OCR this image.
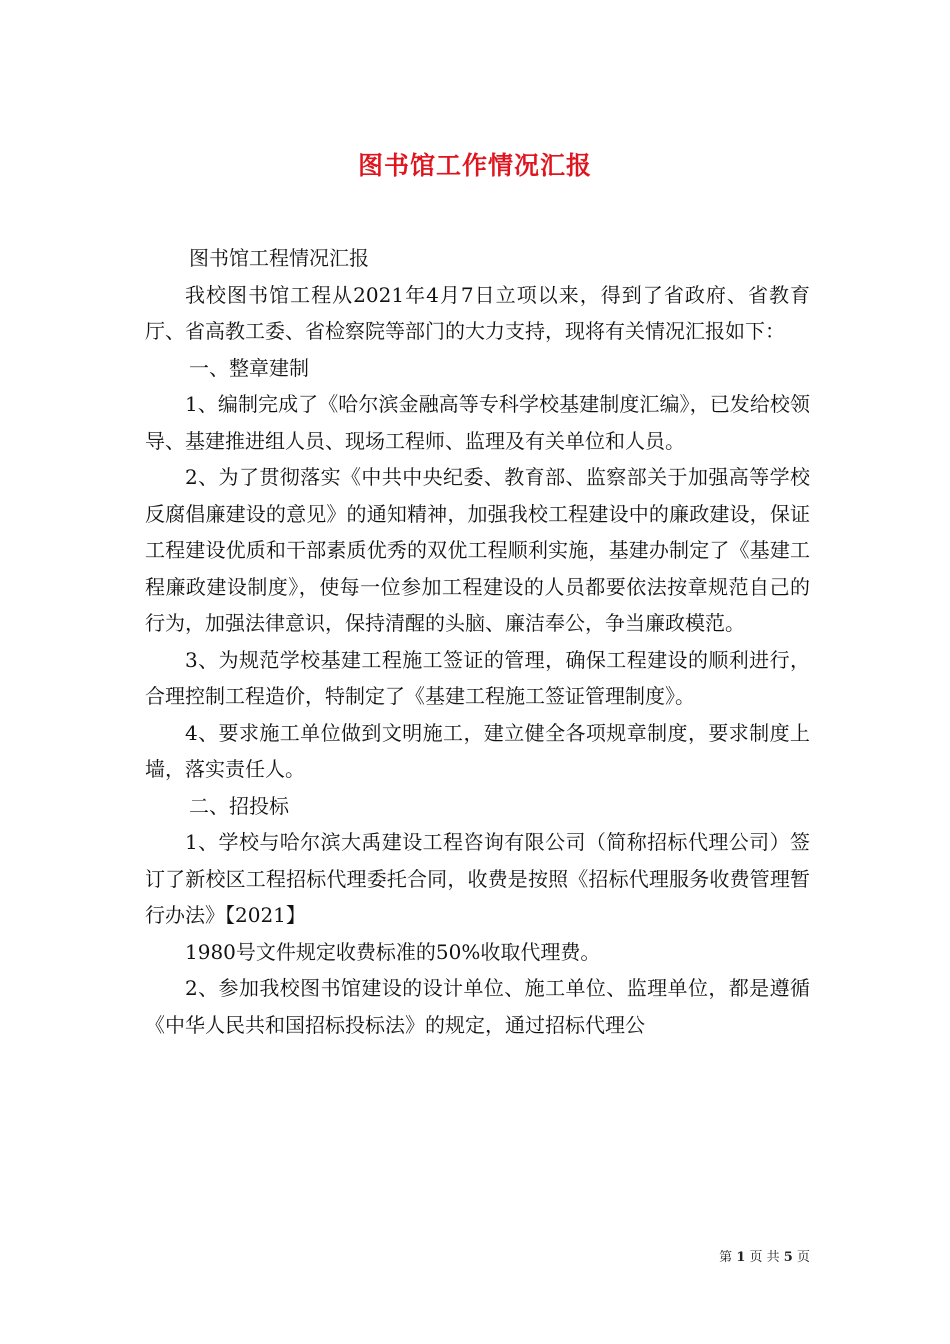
图书馆工作情况汇报

图书馆工程情况汇报

我校图书馆工程从2021年4月7日立项以来，得到了省政府、省教育厅、省高教工委、省检察院等部门的大力支持，现将有关情况汇报如下：

一、整章建制

1、编制完成了《哈尔滨金融高等专科学校基建制度汇编》，已发给校领导、基建推进组人员、现场工程师、监理及有关单位和人员。

2、为了贯彻落实《中共中央纪委、教育部、监察部关于加强高等学校反腐倡廉建设的意见》的通知精神，加强我校工程建设中的廉政建设，保证工程建设优质和干部素质优秀的双优工程顺利实施，基建办制定了《基建工程廉政建设制度》，使每一位参加工程建设的人员都要依法按章规范自己的行为，加强法律意识，保持清醒的头脑、廉洁奉公，争当廉政模范。

3、为规范学校基建工程施工签证的管理，确保工程建设的顺利进行，合理控制工程造价，特制定了《基建工程施工签证管理制度》。

4、要求施工单位做到文明施工，建立健全各项规章制度，要求制度上墙，落实责任人。

二、招投标

1、学校与哈尔滨大禹建设工程咨询有限公司（简称招标代理公司）签订了新校区工程招标代理委托合同，收费是按照《招标代理服务收费管理暂行办法》【2021】

1980号文件规定收费标准的50%收取代理费。

2、参加我校图书馆建设的设计单位、施工单位、监理单位，都是遵循《中华人民共和国招标投标法》的规定，通过招标代理公

第 1 页 共 5 页
